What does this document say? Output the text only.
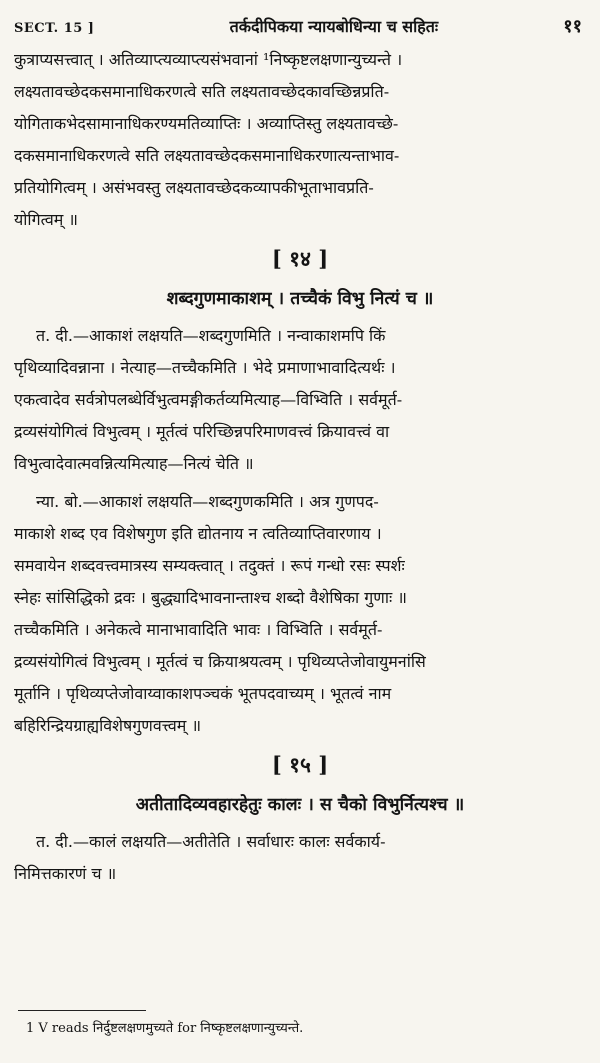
SECT. 15 ]	तर्कदीपिकया न्यायबोधिन्या च सहितः	११
कुत्राप्यसत्त्वात् । अतिव्याप्त्यव्याप्त्यसंभवानां ¹निष्कृष्टलक्षणान्युच्यन्ते ।
लक्ष्यतावच्छेदकसमानाधिकरणत्वे सति लक्ष्यतावच्छेदकावच्छिन्नप्रति-
योगिताकभेदसामानाधिकरण्यमतिव्याप्तिः । अव्याप्तिस्तु लक्ष्यतावच्छे-
दकसमानाधिकरणत्वे सति लक्ष्यतावच्छेदकसमानाधिकरणात्यन्ताभाव-
प्रतियोगित्वम् । असंभवस्तु लक्ष्यतावच्छेदकव्यापकीभूताभावप्रति-
योगित्वम् ॥
[ १४ ]
शब्दगुणमाकाशम् । तच्चैकं विभु नित्यं च ॥
त. दी.—आकाशं लक्षयति—शब्दगुणमिति । नन्वाकाशमपि किं
पृथिव्यादिवन्नाना । नेत्याह—तच्चैकमिति । भेदे प्रमाणाभावादित्यर्थः ।
एकत्वादेव सर्वत्रोपलब्धेर्विभुत्वमङ्गीकर्तव्यमित्याह—विभ्विति । सर्वमूर्त-
द्रव्यसंयोगित्वं विभुत्वम् । मूर्तत्वं परिच्छिन्नपरिमाणवत्त्वं क्रियावत्त्वं वा
विभुत्वादेवात्मवन्नित्यमित्याह—नित्यं चेति ॥
न्या. बो.—आकाशं लक्षयति—शब्दगुणकमिति । अत्र गुणपद-
माकाशे शब्द एव विशेषगुण इति द्योतनाय न त्वतिव्याप्तिवारणाय ।
समवायेन शब्दवत्त्वमात्रस्य सम्यक्त्वात् । तदुक्तं । रूपं गन्धो रसः स्पर्शः
स्नेहः सांसिद्धिको द्रवः । बुद्ध्यादिभावनान्ताश्च शब्दो वैशेषिका गुणाः ॥
तच्चैकमिति । अनेकत्वे मानाभावादिति भावः । विभ्विति । सर्वमूर्त-
द्रव्यसंयोगित्वं विभुत्वम् । मूर्तत्वं च क्रियाश्रयत्वम् । पृथिव्यप्तेजोवायुमनांसि
मूर्तानि । पृथिव्यप्तेजोवाय्वाकाशपञ्चकं भूतपदवाच्यम् । भूतत्वं नाम
बहिरिन्द्रियग्राह्यविशेषगुणवत्त्वम् ॥
[ १५ ]
अतीतादिव्यवहारहेतुः कालः । स चैको विभुर्नित्यश्च ॥
त. दी.—कालं लक्षयति—अतीतेति । सर्वाधारः कालः सर्वकार्य-
निमित्तकारणं च ॥
1 V reads निर्दुष्टलक्षणमुच्यते for निष्कृष्टलक्षणान्युच्यन्ते.
